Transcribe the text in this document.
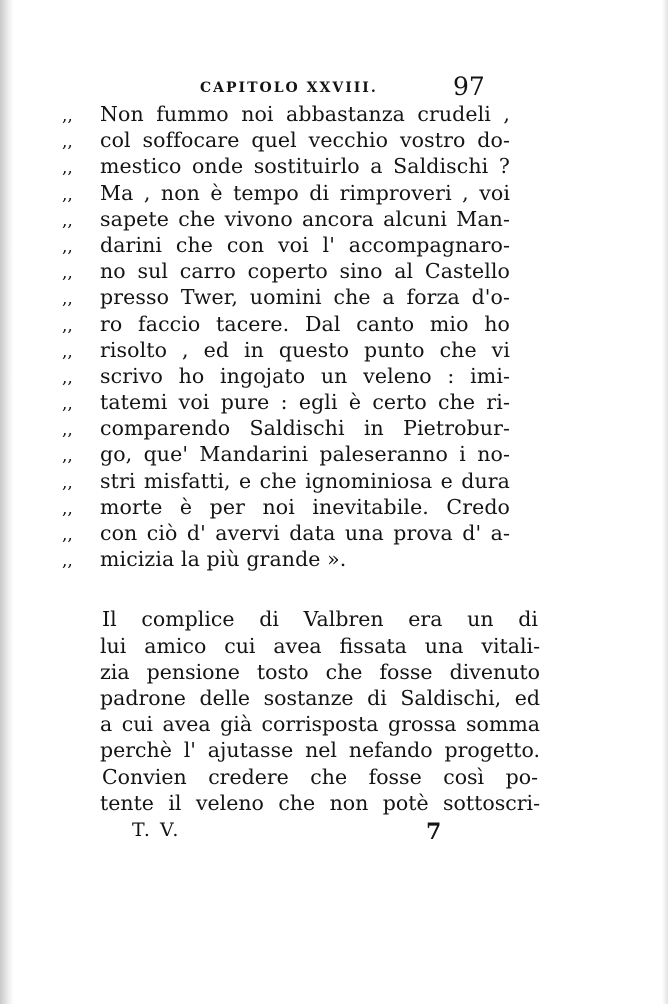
CAPITOLO XXVIII.	97
,,	Non fummo noi abbastanza crudeli ,
,,	col soffocare quel vecchio vostro do-
,,	mestico onde sostituirlo a Saldischi ?
,,	Ma , non è tempo di rimproveri , voi
,,	sapete che vivono ancora alcuni Man-
,,	darini che con voi l' accompagnaro-
,,	no sul carro coperto sino al Castello
,,	presso Twer, uomini che a forza d'o-
,,	ro faccio tacere. Dal canto mio ho
,,	risolto , ed in questo punto che vi
,,	scrivo ho ingojato un veleno : imi-
,,	tatemi voi pure : egli è certo che ri-
,,	comparendo Saldischi in Pietrobur-
,,	go, que' Mandarini paleseranno i no-
,,	stri misfatti, e che ignominiosa e dura
,,	morte è per noi inevitabile. Credo
,,	con ciò d' avervi data una prova d' a-
,,	micizia la più grande ».
Il complice di Valbren era un di
lui amico cui avea fissata una vitali-
zia pensione tosto che fosse divenuto
padrone delle sostanze di Saldischi, ed
a cui avea già corrisposta grossa somma
perchè l' ajutasse nel nefando progetto.
Convien credere che fosse così po-
tente il veleno che non potè sottoscri-
T. V.	7
